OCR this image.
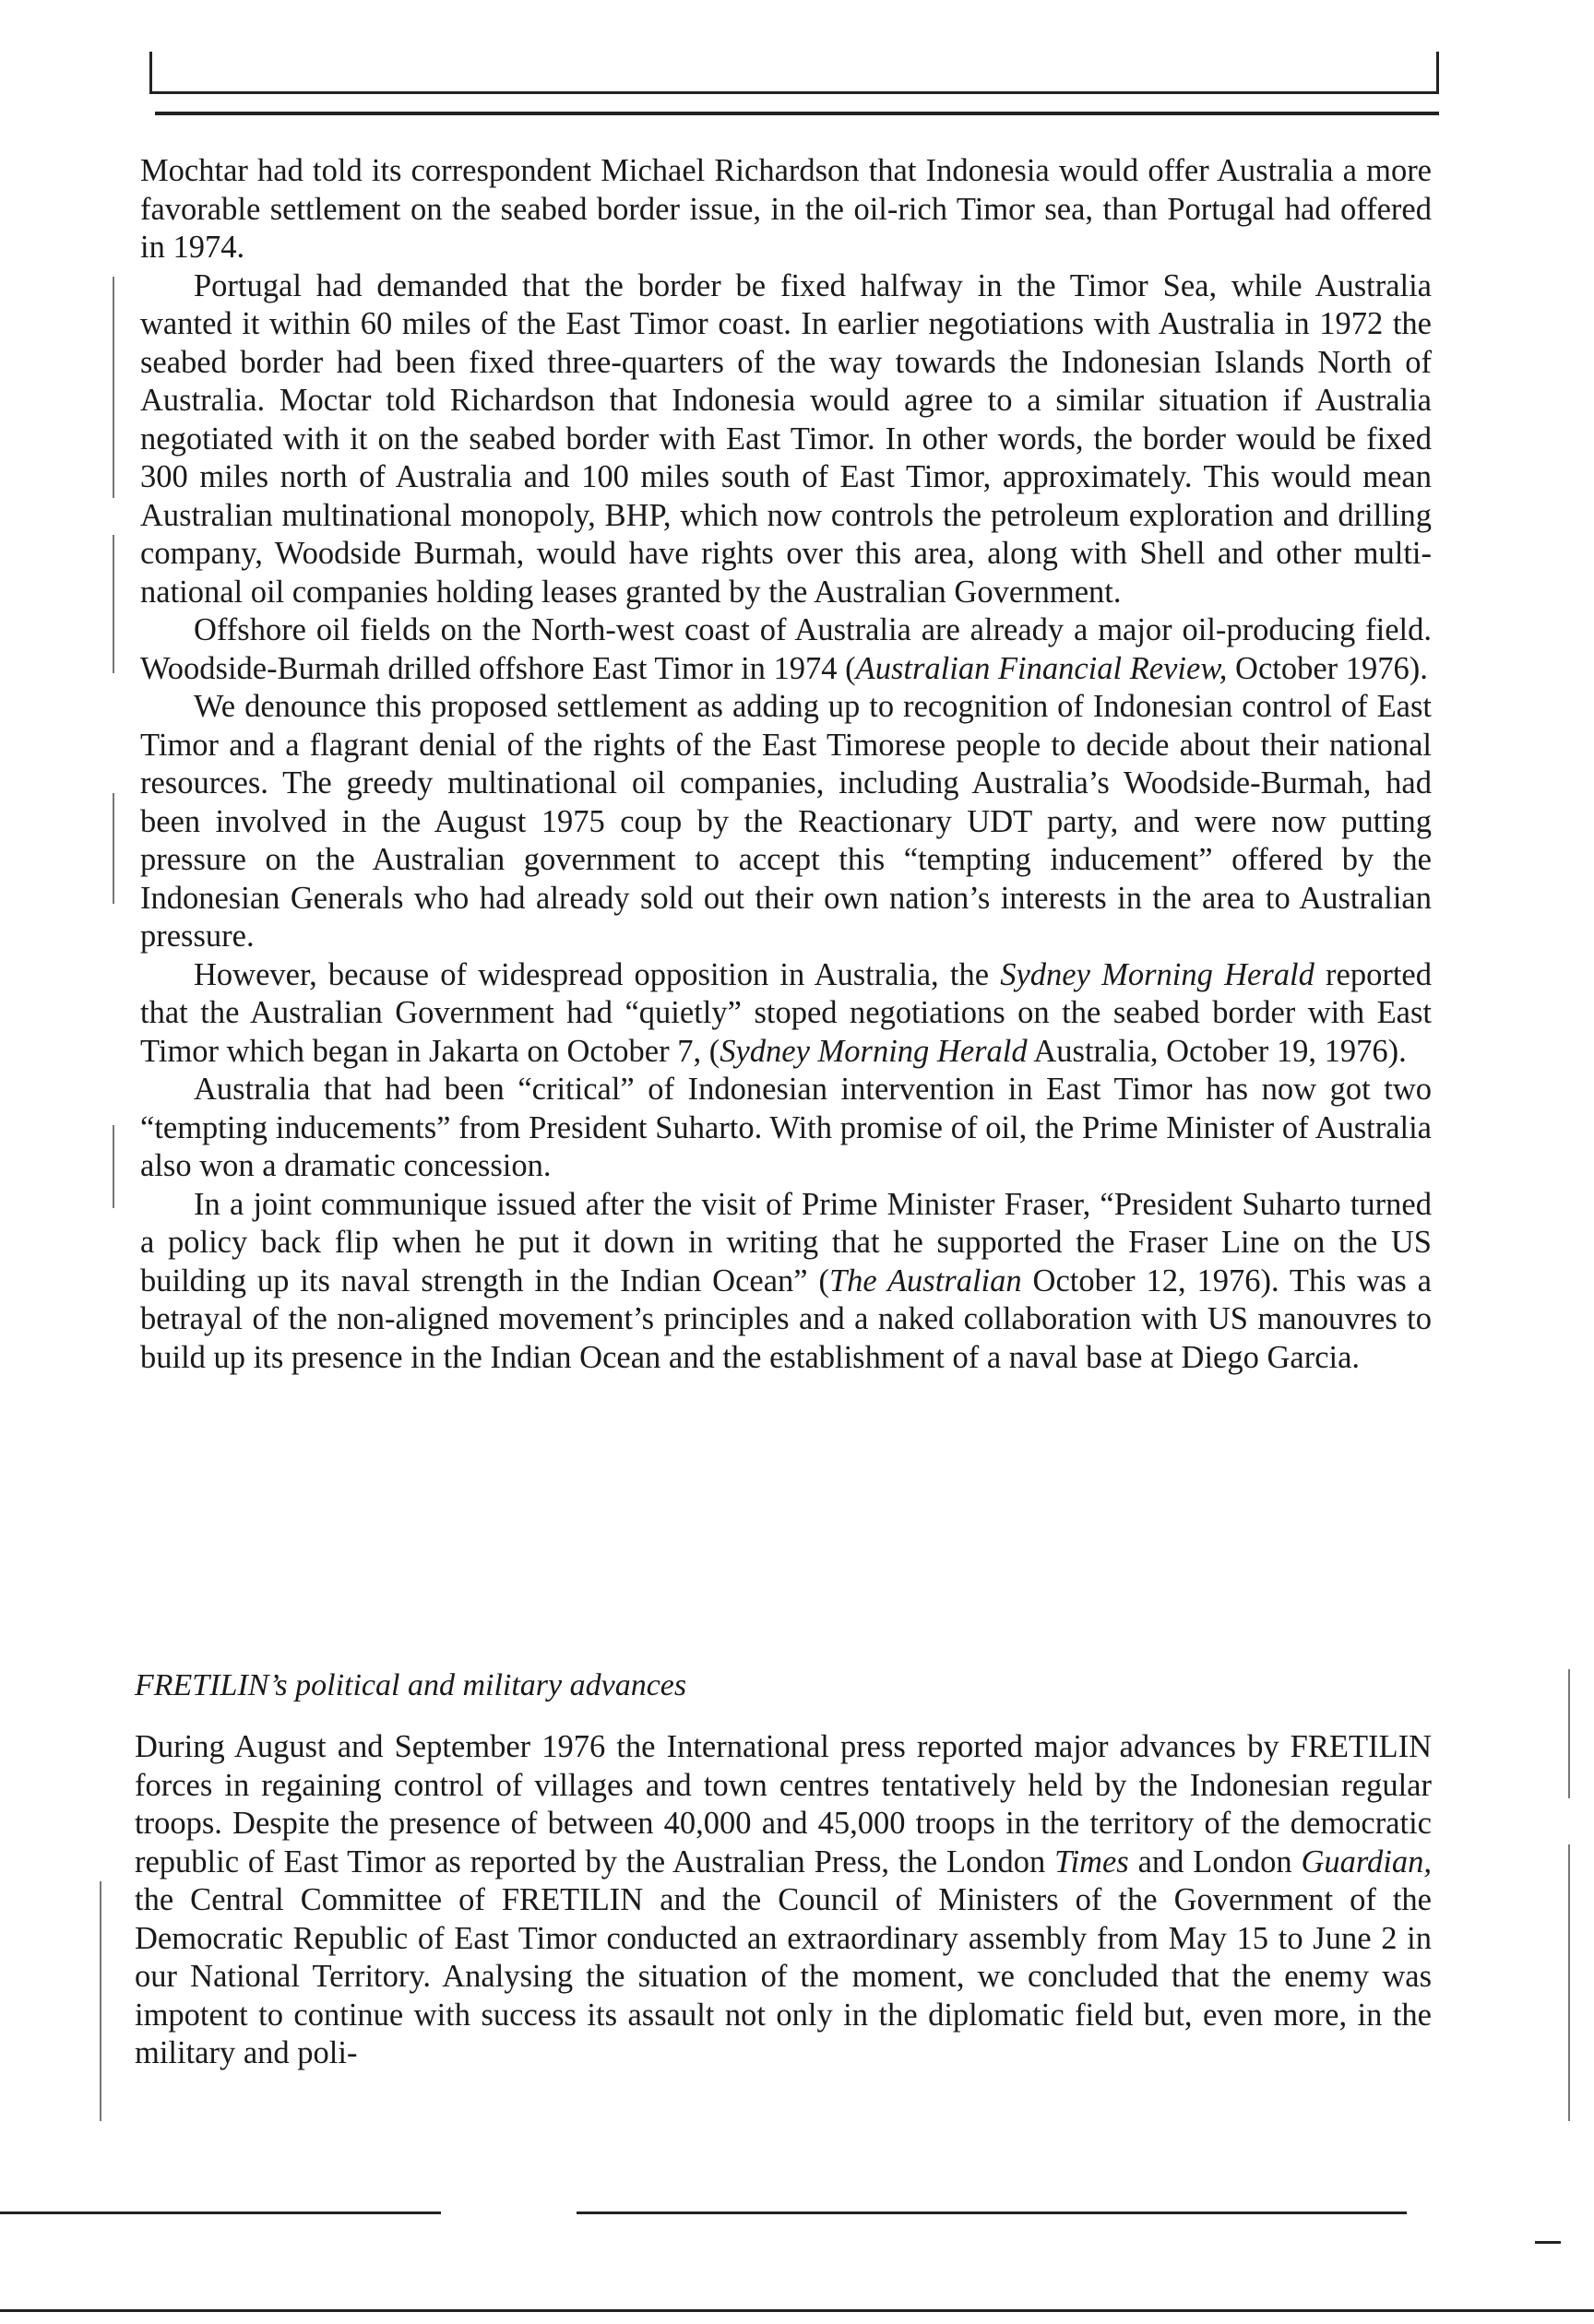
Mochtar had told its correspondent Michael Richardson that Indonesia would offer Australia a more favorable settlement on the seabed border issue, in the oil-rich Timor sea, than Portugal had offered in 1974.

Portugal had demanded that the border be fixed halfway in the Timor Sea, while Australia wanted it within 60 miles of the East Timor coast. In earlier negotiations with Australia in 1972 the seabed border had been fixed three-quarters of the way towards the Indonesian Islands North of Australia. Moctar told Richardson that Indonesia would agree to a similar situation if Australia negotiated with it on the seabed border with East Timor. In other words, the border would be fixed 300 miles north of Australia and 100 miles south of East Timor, approximately. This would mean Australian multinational monopoly, BHP, which now controls the petroleum exploration and drilling company, Woodside Burmah, would have rights over this area, along with Shell and other multi-national oil companies holding leases granted by the Australian Government.

Offshore oil fields on the North-west coast of Australia are already a major oil-producing field. Woodside-Burmah drilled offshore East Timor in 1974 (Australian Financial Review, October 1976).

We denounce this proposed settlement as adding up to recognition of Indonesian control of East Timor and a flagrant denial of the rights of the East Timorese people to decide about their national resources. The greedy multinational oil companies, including Australia’s Woodside-Burmah, had been involved in the August 1975 coup by the Reactionary UDT party, and were now putting pressure on the Australian government to accept this “tempting inducement” offered by the Indonesian Generals who had already sold out their own nation’s interests in the area to Australian pressure.

However, because of widespread opposition in Australia, the Sydney Morning Herald reported that the Australian Government had “quietly” stoped negotiations on the seabed border with East Timor which began in Jakarta on October 7, (Sydney Morning Herald Australia, October 19, 1976).

Australia that had been “critical” of Indonesian intervention in East Timor has now got two “tempting inducements” from President Suharto. With promise of oil, the Prime Minister of Australia also won a dramatic concession.

In a joint communique issued after the visit of Prime Minister Fraser, “President Suharto turned a policy back flip when he put it down in writing that he supported the Fraser Line on the US building up its naval strength in the Indian Ocean” (The Australian October 12, 1976). This was a betrayal of the non-aligned movement’s principles and a naked collaboration with US manouvres to build up its presence in the Indian Ocean and the establishment of a naval base at Diego Garcia.

FRETILIN’s political and military advances

During August and September 1976 the International press reported major advances by FRETILIN forces in regaining control of villages and town centres tentatively held by the Indonesian regular troops. Despite the presence of between 40,000 and 45,000 troops in the territory of the democratic republic of East Timor as reported by the Australian Press, the London Times and London Guardian, the Central Committee of FRETILIN and the Council of Ministers of the Government of the Democratic Republic of East Timor conducted an extraordinary assembly from May 15 to June 2 in our National Territory. Analysing the situation of the moment, we concluded that the enemy was impotent to continue with success its assault not only in the diplomatic field but, even more, in the military and poli-
